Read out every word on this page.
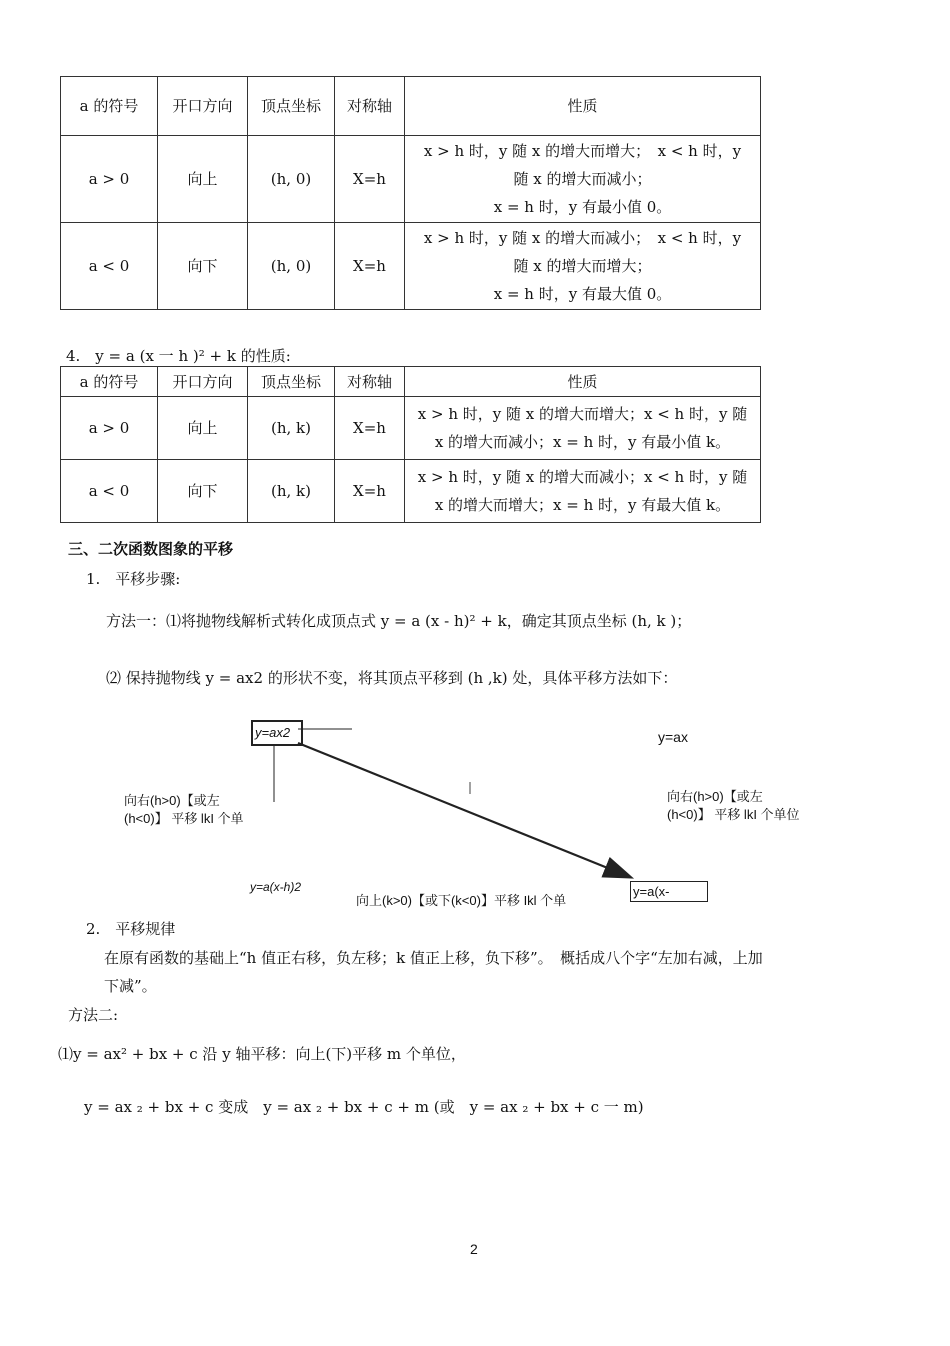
a 的符号	开口方向	顶点坐标	对称轴	性质
a > 0	向上	(h, 0)	X=h	x > h 时，y 随 x 的增大而增大；　x < h 时，y
随 x 的增大而减小；
x = h 时，y 有最小值 0。

a < 0	向下	(h, 0)	X=h	x > h 时，y 随 x 的增大而减小；　x < h 时，y
随 x 的增大而增大；
x = h 时，y 有最大值 0。
4.　y = a (x 一 h )² + k 的性质:
a 的符号	开口方向	顶点坐标	对称轴	性质
a > 0	向上	(h, k)	X=h	x > h 时，y 随 x 的增大而增大；x < h 时，y 随
x 的增大而减小；x = h 时，y 有最小值 k。

a < 0	向下	(h, k)	X=h	x > h 时，y 随 x 的增大而减小；x < h 时，y 随
x 的增大而增大；x = h 时，y 有最大值 k。
三、二次函数图象的平移
1.　平移步骤:
方法一：⑴将抛物线解析式转化成顶点式 y = a (x - h)² + k，确定其顶点坐标 (h, k )；
⑵ 保持抛物线 y = ax2 的形状不变，将其顶点平移到 (h ,k) 处，具体平移方法如下：
y=ax2	y=ax
向右(h>0)【或左
(h<0)】 平移 lkI 个单
向右(h>0)【或左
(h<0)】 平移 lkI 个单位
y=a(x-h)2
向上(k>0)【或下(k<0)】平移 Ikl 个单
y=a(x-
2.　平移规律
在原有函数的基础上“h 值正右移，负左移；k 值正上移，负下移”。　概括成八个字“左加右减，上加
下减”。
方法二:
⑴y = ax² + bx + c 沿 y 轴平移：向上(下)平移 m 个单位，
y = ax ₂ + bx + c 变成　y = ax ₂ + bx + c + m (或　y = ax ₂ + bx + c 一 m)
2
